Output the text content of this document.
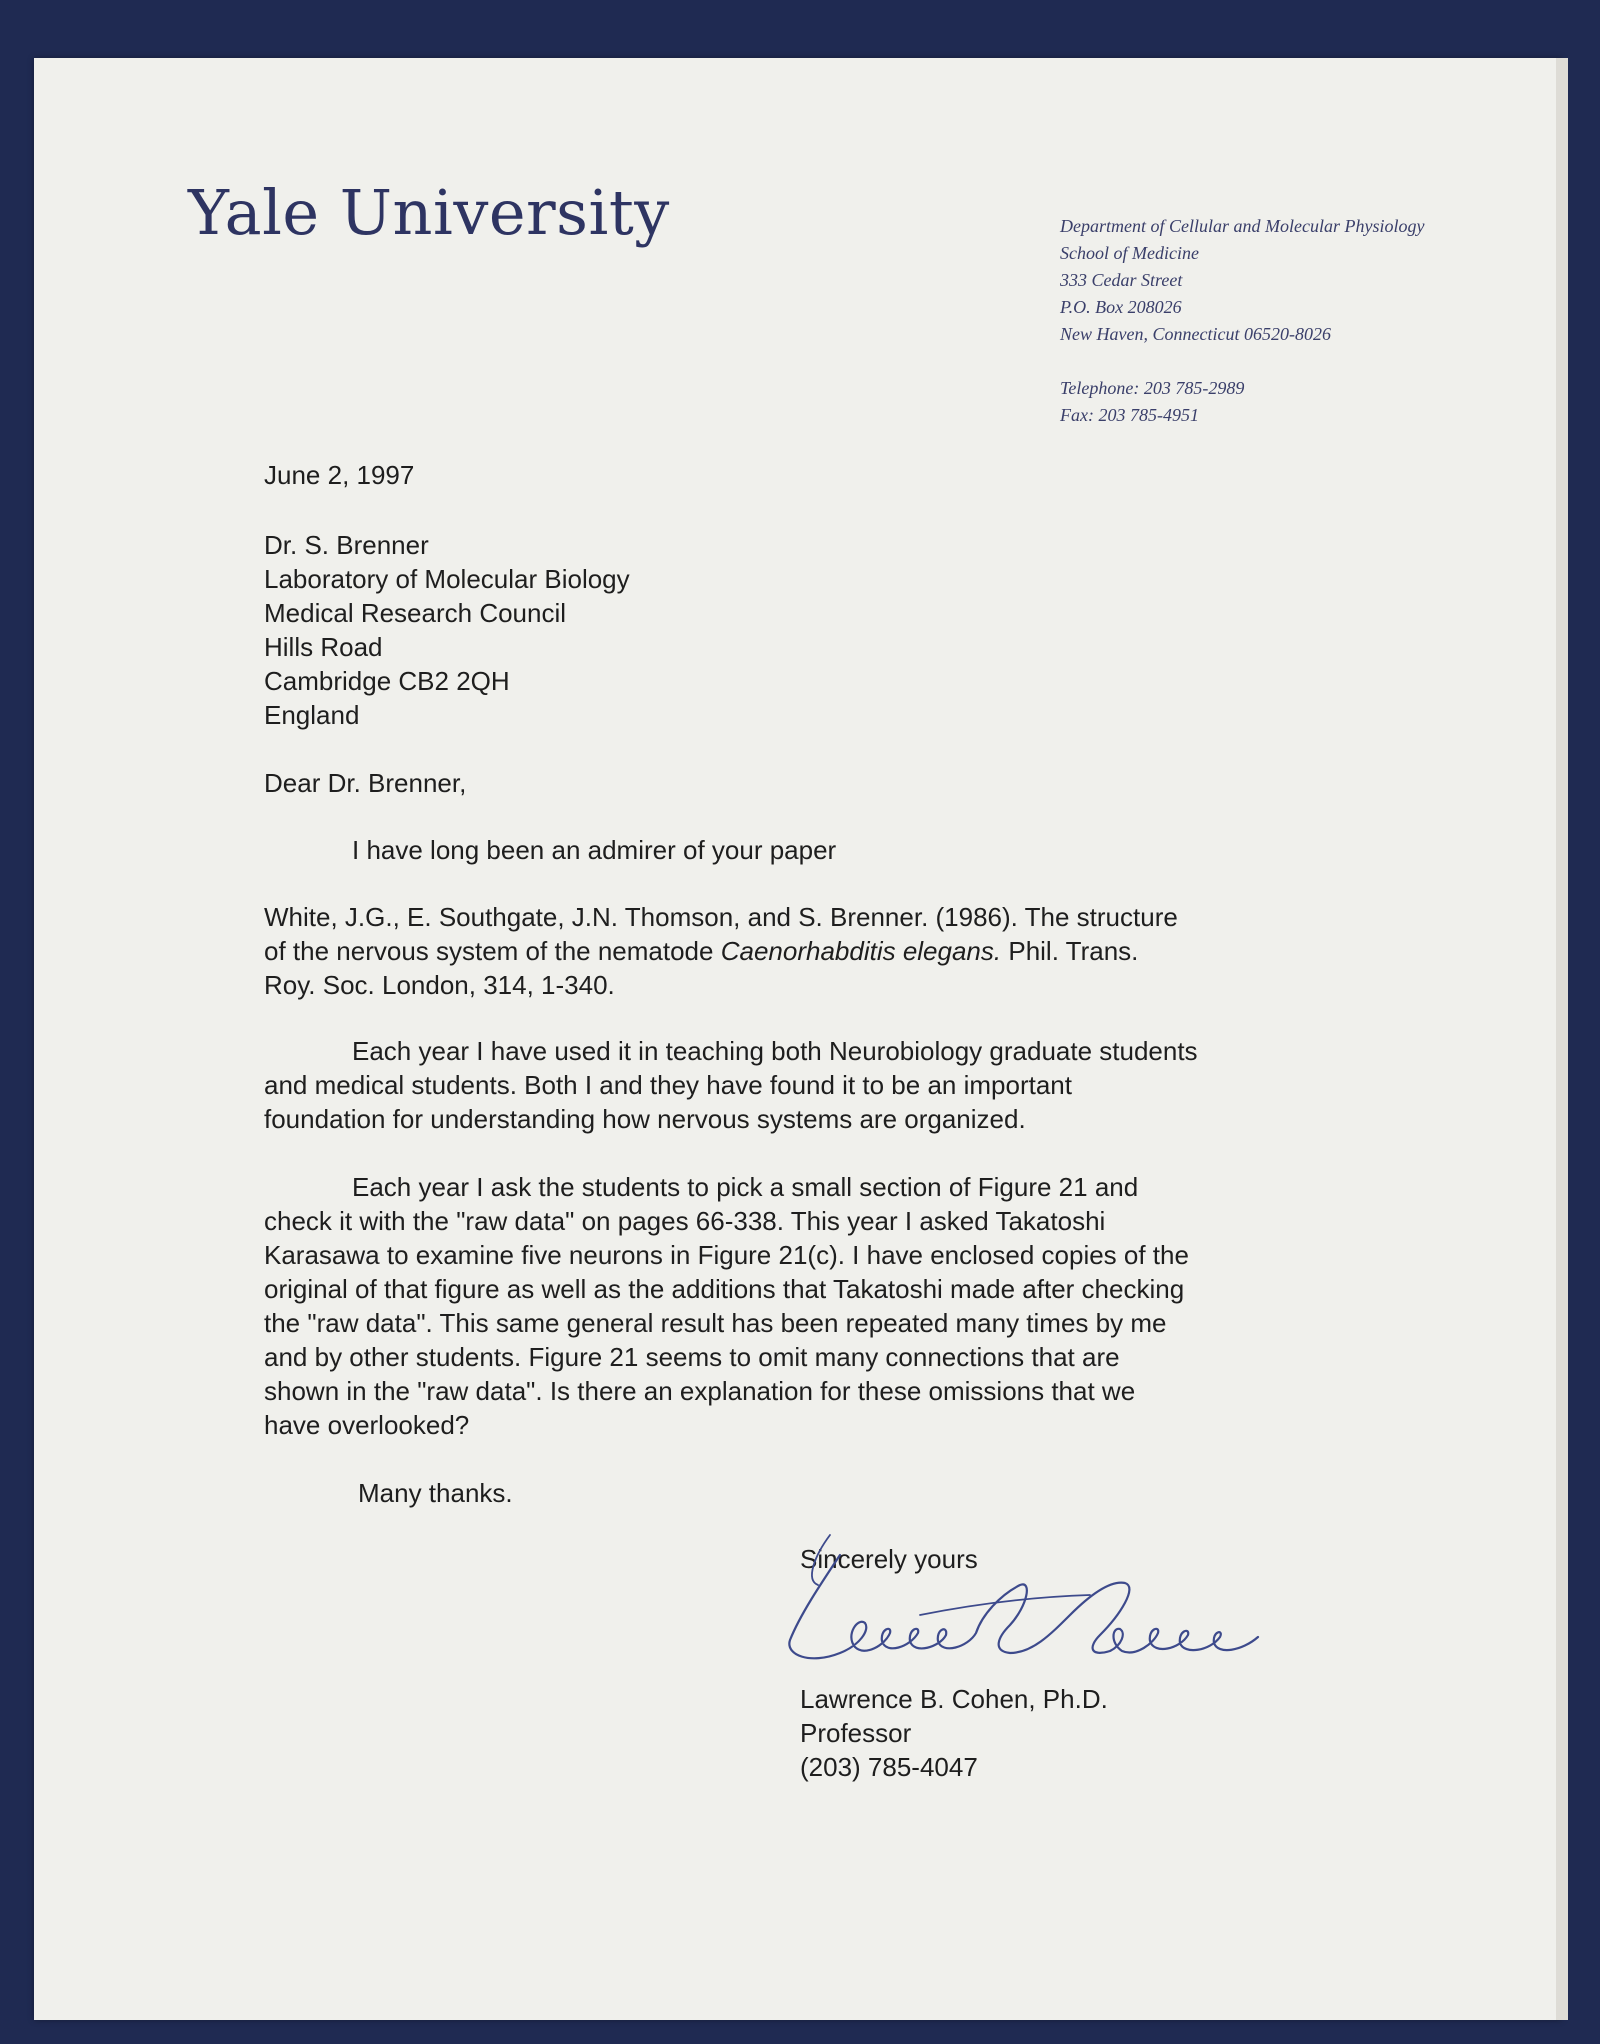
Yale University	Department of Cellular and Molecular Physiology
School of Medicine
333 Cedar Street
P.O. Box 208026
New Haven, Connecticut 06520-8026
Telephone: 203 785-2989
Fax: 203 785-4951
June 2, 1997
Dr. S. Brenner
Laboratory of Molecular Biology
Medical Research Council
Hills Road
Cambridge CB2 2QH
England
Dear Dr. Brenner,
I have long been an admirer of your paper
White, J.G., E. Southgate, J.N. Thomson, and S. Brenner. (1986). The structure
of the nervous system of the nematode Caenorhabditis elegans. Phil. Trans.
Roy. Soc. London, 314, 1-340.
Each year I have used it in teaching both Neurobiology graduate students
and medical students. Both I and they have found it to be an important
foundation for understanding how nervous systems are organized.
Each year I ask the students to pick a small section of Figure 21 and
check it with the "raw data" on pages 66-338. This year I asked Takatoshi
Karasawa to examine five neurons in Figure 21(c). I have enclosed copies of the
original of that figure as well as the additions that Takatoshi made after checking
the "raw data". This same general result has been repeated many times by me
and by other students. Figure 21 seems to omit many connections that are
shown in the "raw data". Is there an explanation for these omissions that we
have overlooked?
Many thanks.
Sincerely yours
Lawrence B. Cohen, Ph.D.
Professor
(203) 785-4047
